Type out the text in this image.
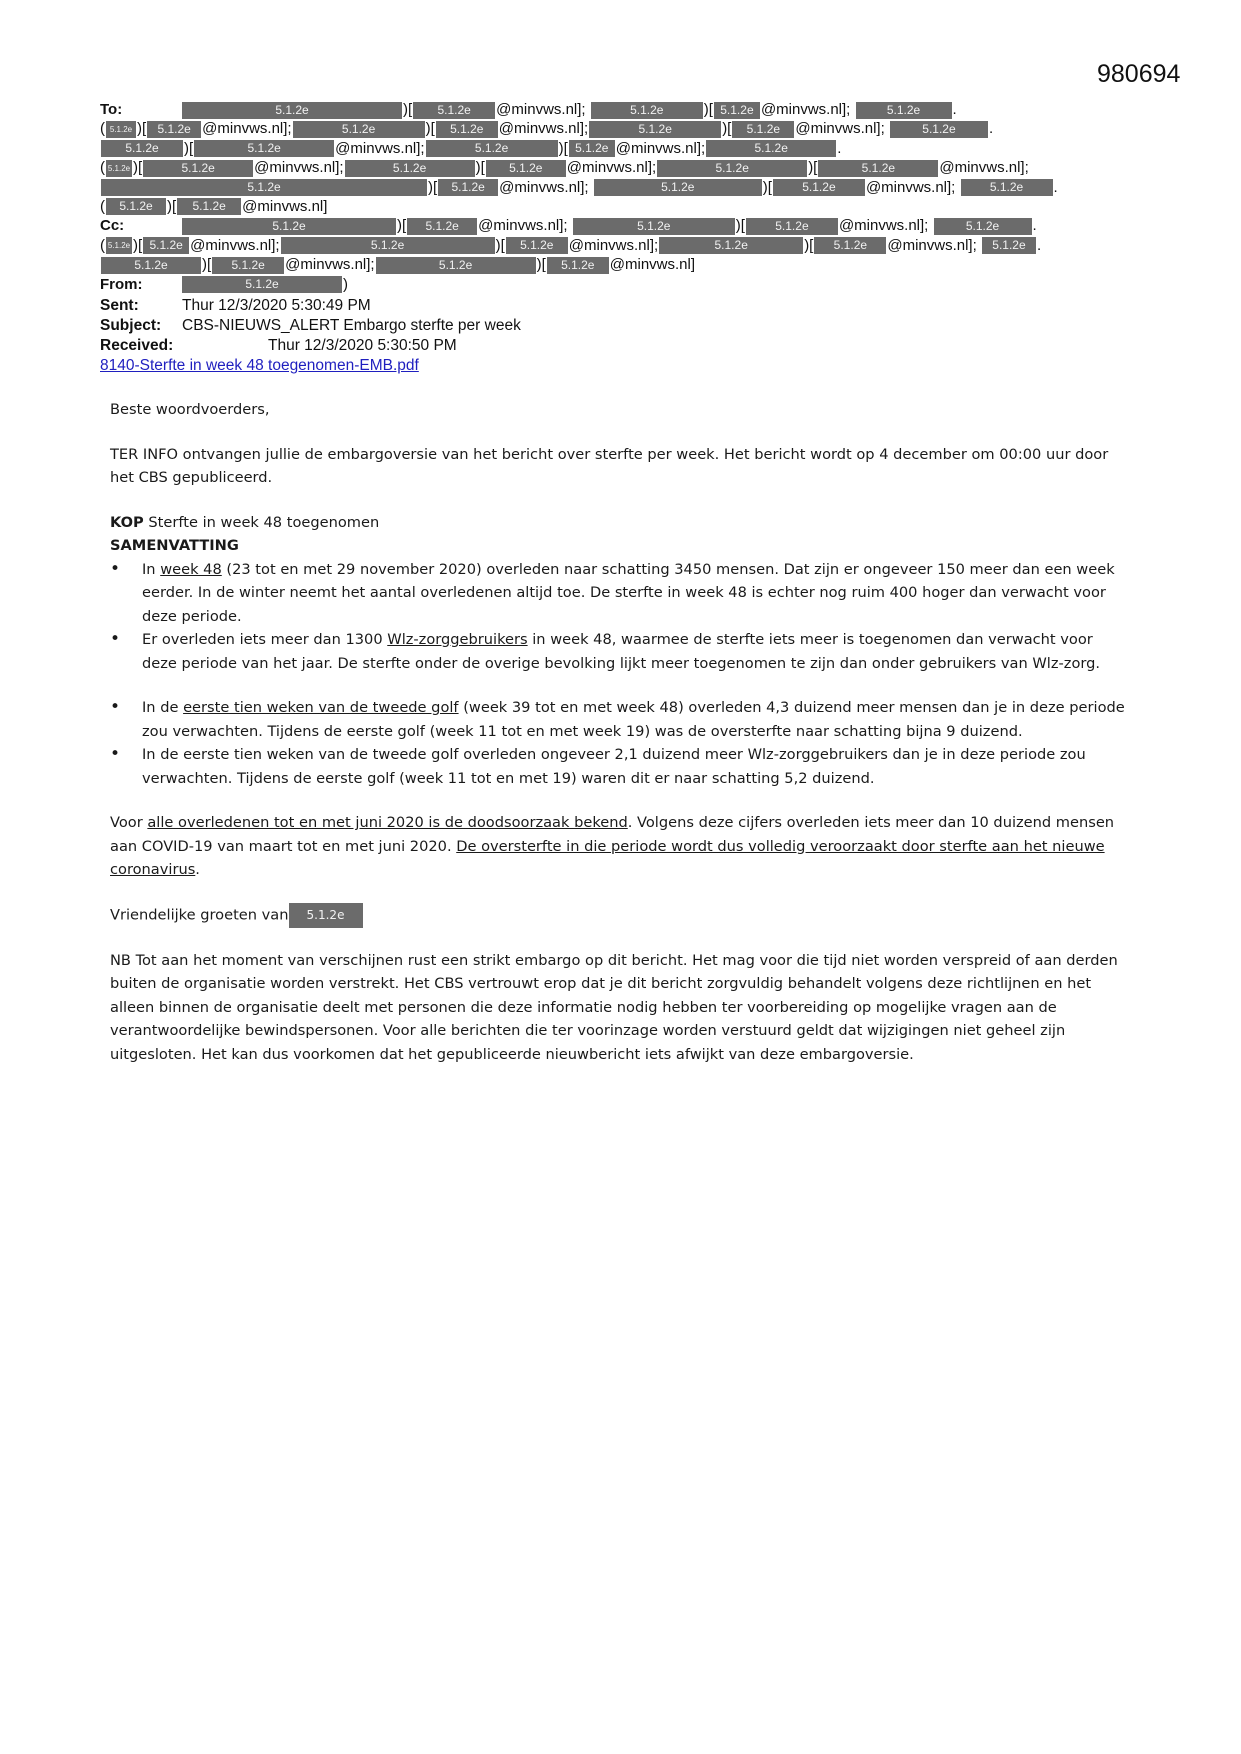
980694
To:	5.1.2e	)[ 5.1.2e @minvws.nl];	5.1.2e	)[ 5.1.2e @minvws.nl];	5.1.2e .
( 5.1.2e )[ 5.1.2e @minvws.nl];	5.1.2e	)[ 5.1.2e @minvws.nl];	5.1.2e	)[ 5.1.2e @minvws.nl];	5.1.2e .
5.1.2e )[	5.1.2e	@minvws.nl];	5.1.2e	)[ 5.1.2e @minvws.nl];	5.1.2e	.
( 5.1.2e )[	5.1.2e	@minvws.nl];	5.1.2e	)[ 5.1.2e @minvws.nl];	5.1.2e	)[	5.1.2e	@minvws.nl];
5.1.2e	)[ 5.1.2e @minvws.nl];	5.1.2e	)[	5.1.2e @minvws.nl];	5.1.2e .
( 5.1.2e )[ 5.1.2e @minvws.nl]
Cc:	5.1.2e	)[ 5.1.2e @minvws.nl];	5.1.2e	)[	5.1.2e @minvws.nl];	5.1.2e .
( 5.1.2e )[ 5.1.2e @minvws.nl];	5.1.2e	)[ 5.1.2e @minvws.nl];	5.1.2e	)[ 5.1.2e @minvws.nl]; 5.1.2e .
5.1.2e )[ 5.1.2e @minvws.nl];	5.1.2e	)[ 5.1.2e @minvws.nl]
From:	5.1.2e	)
Sent:	Thur 12/3/2020 5:30:49 PM
Subject: CBS-NIEUWS_ALERT Embargo sterfte per week
Received:	Thur 12/3/2020 5:30:50 PM
8140-Sterfte in week 48 toegenomen-EMB.pdf

Beste woordvoerders,

TER INFO ontvangen jullie de embargoversie van het bericht over sterfte per week. Het bericht wordt op 4 december om 00:00 uur door het CBS gepubliceerd.

KOP Sterfte in week 48 toegenomen

SAMENVATTING

• In week 48 (23 tot en met 29 november 2020) overleden naar schatting 3450 mensen. Dat zijn er ongeveer 150 meer dan een week eerder. In de winter neemt het aantal overledenen altijd toe. De sterfte in week 48 is echter nog ruim 400 hoger dan verwacht voor deze periode.
• Er overleden iets meer dan 1300 Wlz-zorggebruikers in week 48, waarmee de sterfte iets meer is toegenomen dan verwacht voor deze periode van het jaar. De sterfte onder de overige bevolking lijkt meer toegenomen te zijn dan onder gebruikers van Wlz-zorg.
• In de eerste tien weken van de tweede golf (week 39 tot en met week 48) overleden 4,3 duizend meer mensen dan je in deze periode zou verwachten. Tijdens de eerste golf (week 11 tot en met week 19) was de oversterfte naar schatting bijna 9 duizend.
• In de eerste tien weken van de tweede golf overleden ongeveer 2,1 duizend meer Wlz-zorggebruikers dan je in deze periode zou verwachten. Tijdens de eerste golf (week 11 tot en met 19) waren dit er naar schatting 5,2 duizend.

Voor alle overledenen tot en met juni 2020 is de doodsoorzaak bekend. Volgens deze cijfers overleden iets meer dan 10 duizend mensen aan COVID-19 van maart tot en met juni 2020. De oversterfte in die periode wordt dus volledig veroorzaakt door sterfte aan het nieuwe coronavirus.

Vriendelijke groeten van 5.1.2e

NB Tot aan het moment van verschijnen rust een strikt embargo op dit bericht. Het mag voor die tijd niet worden verspreid of aan derden buiten de organisatie worden verstrekt. Het CBS vertrouwt erop dat je dit bericht zorgvuldig behandelt volgens deze richtlijnen en het alleen binnen de organisatie deelt met personen die deze informatie nodig hebben ter voorbereiding op mogelijke vragen aan de verantwoordelijke bewindspersonen. Voor alle berichten die ter voorinzage worden verstuurd geldt dat wijzigingen niet geheel zijn uitgesloten. Het kan dus voorkomen dat het gepubliceerde nieuwbericht iets afwijkt van deze embargoversie.
